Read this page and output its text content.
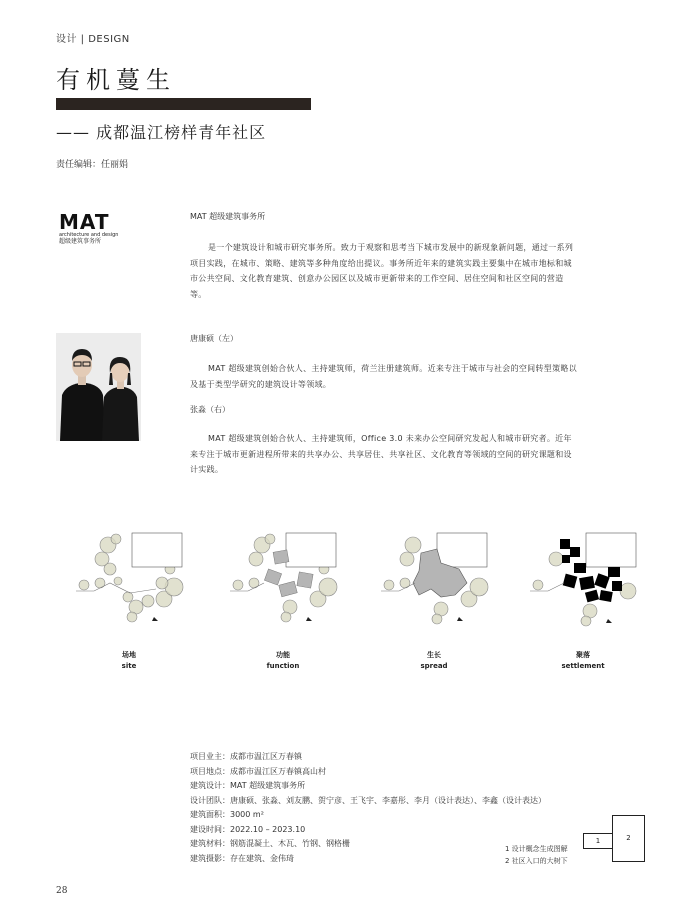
设计 | DESIGN
有机蔓生
—— 成都温江榜样青年社区
责任编辑：任丽娟
MAT
architecture and design
超级建筑事务所
MAT 超级建筑事务所
是一个建筑设计和城市研究事务所。致力于观察和思考当下城市发展中的新现象新问题，通过一系列项目实践，在城市、策略、建筑等多种角度给出提议。事务所近年来的建筑实践主要集中在城市地标和城市公共空间、文化教育建筑、创意办公园区以及城市更新带来的工作空间、居住空间和社区空间的营造等。
唐康硕（左）
MAT 超级建筑创始合伙人、主持建筑师，荷兰注册建筑师。近来专注于城市与社会的空间转型策略以及基于类型学研究的建筑设计等领域。
张淼（右）
MAT 超级建筑创始合伙人、主持建筑师，Office 3.0 未来办公空间研究发起人和城市研究者。近年来专注于城市更新进程所带来的共享办公、共享居住、共享社区、文化教育等领域的空间的研究课题和设计实践。
场地
site
功能
function
生长
spread
聚落
settlement
项目业主：成都市温江区万春镇
项目地点：成都市温江区万春镇高山村
建筑设计：MAT 超级建筑事务所
设计团队：唐康硕、张淼、刘友鹏、贺宁彦、王飞宇、李嘉彤、李月（设计表达）、李鑫（设计表达）
建筑面积：3000 m²
建设时间：2022.10 – 2023.10
建筑材料：钢筋混凝土、木瓦、竹钢、钢格栅
建筑摄影：存在建筑、金伟琦
1 设计概念生成图解
2 社区入口的大树下
1	2
28
